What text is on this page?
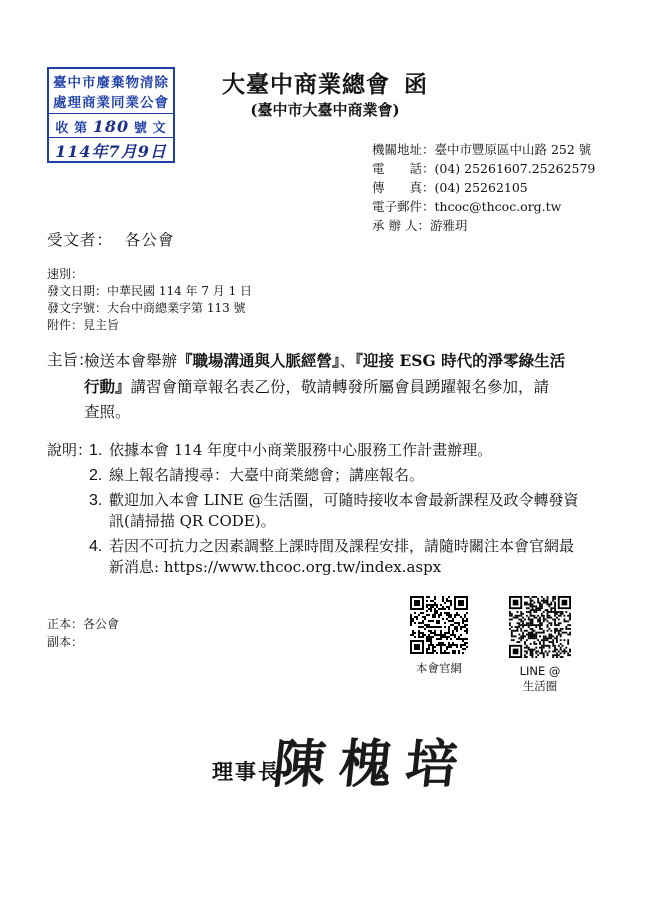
臺中市廢棄物清除
處理商業同業公會
收 第 180 號 文
114年7月9日
大臺中商業總會 函
(臺中市大臺中商業會)
機關地址：臺中市豐原區中山路 252 號
電　　話：(04) 25261607.25262579
傳　　真：(04) 25262105
電子郵件：thcoc@thcoc.org.tw
承 辦 人：游雅玥
受文者：  各公會
速別：
發文日期：中華民國 114 年 7 月 1 日
發文字號：大台中商總業字第 113 號
附件：見主旨
主旨：
檢送本會舉辦『職場溝通與人脈經營』、『迎接 ESG 時代的淨零綠生活行動』講習會簡章報名表乙份，敬請轉發所屬會員踴躍報名參加，請　查照。
說明：
1. 依據本會 114 年度中小商業服務中心服務工作計畫辦理。
2. 線上報名請搜尋：大臺中商業總會；講座報名。
3. 歡迎加入本會 LINE @生活圈，可隨時接收本會最新課程及政令轉發資訊(請掃描 QR CODE)。
4. 若因不可抗力之因素調整上課時間及課程安排，請隨時關注本會官網最新消息: https://www.thcoc.org.tw/index.aspx
正本：各公會
副本：
本會官網	LINE @
生活圈
理事長
陳槐培
